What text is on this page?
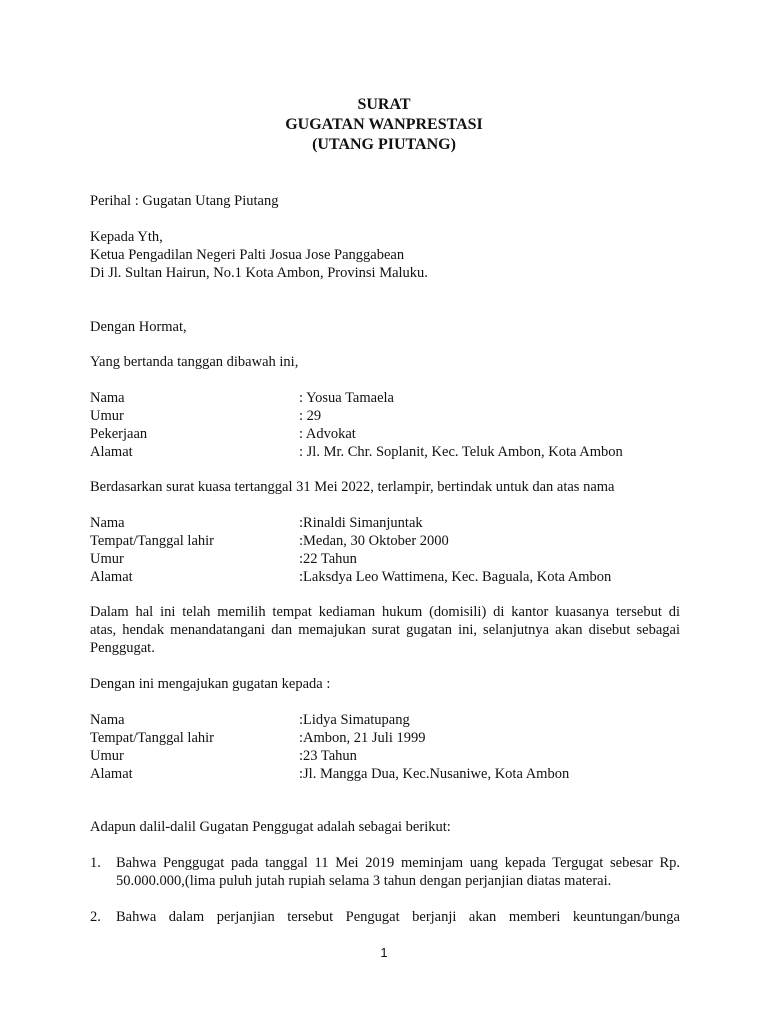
SURAT
GUGATAN WANPRESTASI
(UTANG PIUTANG)
Perihal : Gugatan Utang Piutang
Kepada Yth,
Ketua Pengadilan Negeri Palti Josua Jose Panggabean
Di Jl. Sultan Hairun, No.1 Kota Ambon, Provinsi Maluku.
Dengan Hormat,
Yang bertanda tanggan dibawah ini,
Nama	: Yosua Tamaela
Umur	: 29
Pekerjaan	: Advokat
Alamat	: Jl. Mr. Chr. Soplanit, Kec. Teluk Ambon, Kota Ambon
Berdasarkan surat kuasa tertanggal 31 Mei 2022, terlampir, bertindak untuk dan atas nama
Nama	:Rinaldi Simanjuntak
Tempat/Tanggal lahir	:Medan, 30 Oktober 2000
Umur	:22 Tahun
Alamat	:Laksdya Leo Wattimena, Kec. Baguala, Kota Ambon
Dalam hal ini telah memilih tempat kediaman hukum (domisili) di kantor kuasanya tersebut di
atas, hendak menandatangani dan memajukan surat gugatan ini, selanjutnya akan disebut sebagai
Penggugat.
Dengan ini mengajukan gugatan kepada :
Nama	:Lidya Simatupang
Tempat/Tanggal lahir	:Ambon, 21 Juli 1999
Umur	:23 Tahun
Alamat	:Jl. Mangga Dua, Kec.Nusaniwe, Kota Ambon
Adapun dalil-dalil Gugatan Penggugat adalah sebagai berikut:
1. Bahwa Penggugat pada tanggal 11 Mei 2019 meminjam uang kepada Tergugat sebesar Rp.
50.000.000,(lima puluh jutah rupiah selama 3 tahun dengan perjanjian diatas materai.
2. Bahwa dalam perjanjian tersebut Pengugat berjanji akan memberi keuntungan/bunga
1
